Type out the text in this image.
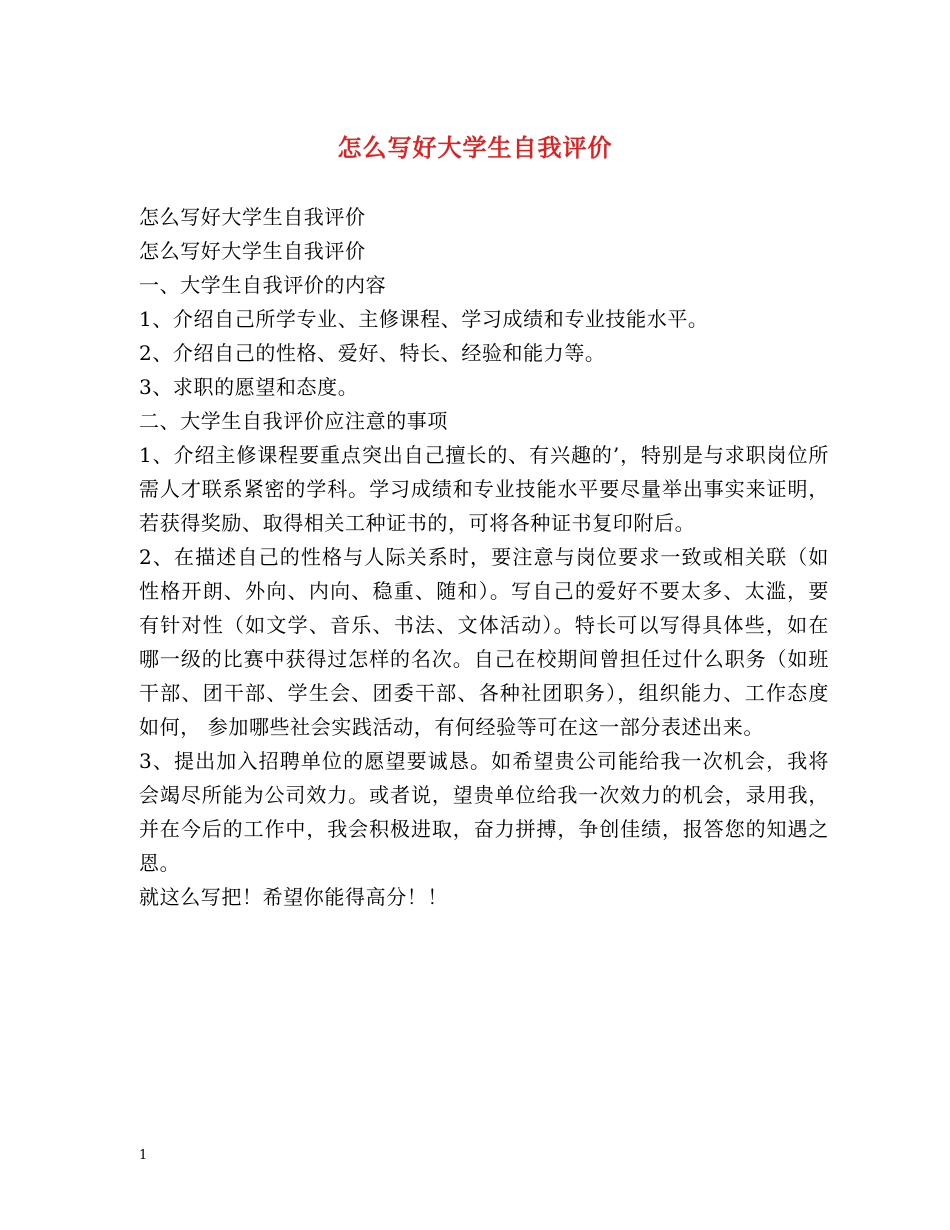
怎么写好大学生自我评价

怎么写好大学生自我评价

怎么写好大学生自我评价

一、大学生自我评价的内容

1、介绍自己所学专业、主修课程、学习成绩和专业技能水平。

2、介绍自己的性格、爱好、特长、经验和能力等。

3、求职的愿望和态度。

二、大学生自我评价应注意的事项

1、介绍主修课程要重点突出自己擅长的、有兴趣的’，特别是与求职岗位所需人才联系紧密的学科。学习成绩和专业技能水平要尽量举出事实来证明， 若获得奖励、取得相关工种证书的，可将各种证书复印附后。

2、在描述自己的性格与人际关系时，要注意与岗位要求一致或相关联（如性格开朗、外向、内向、稳重、随和）。写自己的爱好不要太多、太滥，要有针对性（如文学、音乐、书法、文体活动）。特长可以写得具体些，如在哪一级的比赛中获得过怎样的名次。自己在校期间曾担任过什么职务（如班干部、团干部、学生会、团委干部、各种社团职务），组织能力、工作态度如何， 参加哪些社会实践活动，有何经验等可在这一部分表述出来。

3、提出加入招聘单位的愿望要诚恳。如希望贵公司能给我一次机会，我将会竭尽所能为公司效力。或者说，望贵单位给我一次效力的机会，录用我，并在今后的工作中，我会积极进取，奋力拼搏，争创佳绩，报答您的知遇之恩。

就这么写把！希望你能得高分！！

1
